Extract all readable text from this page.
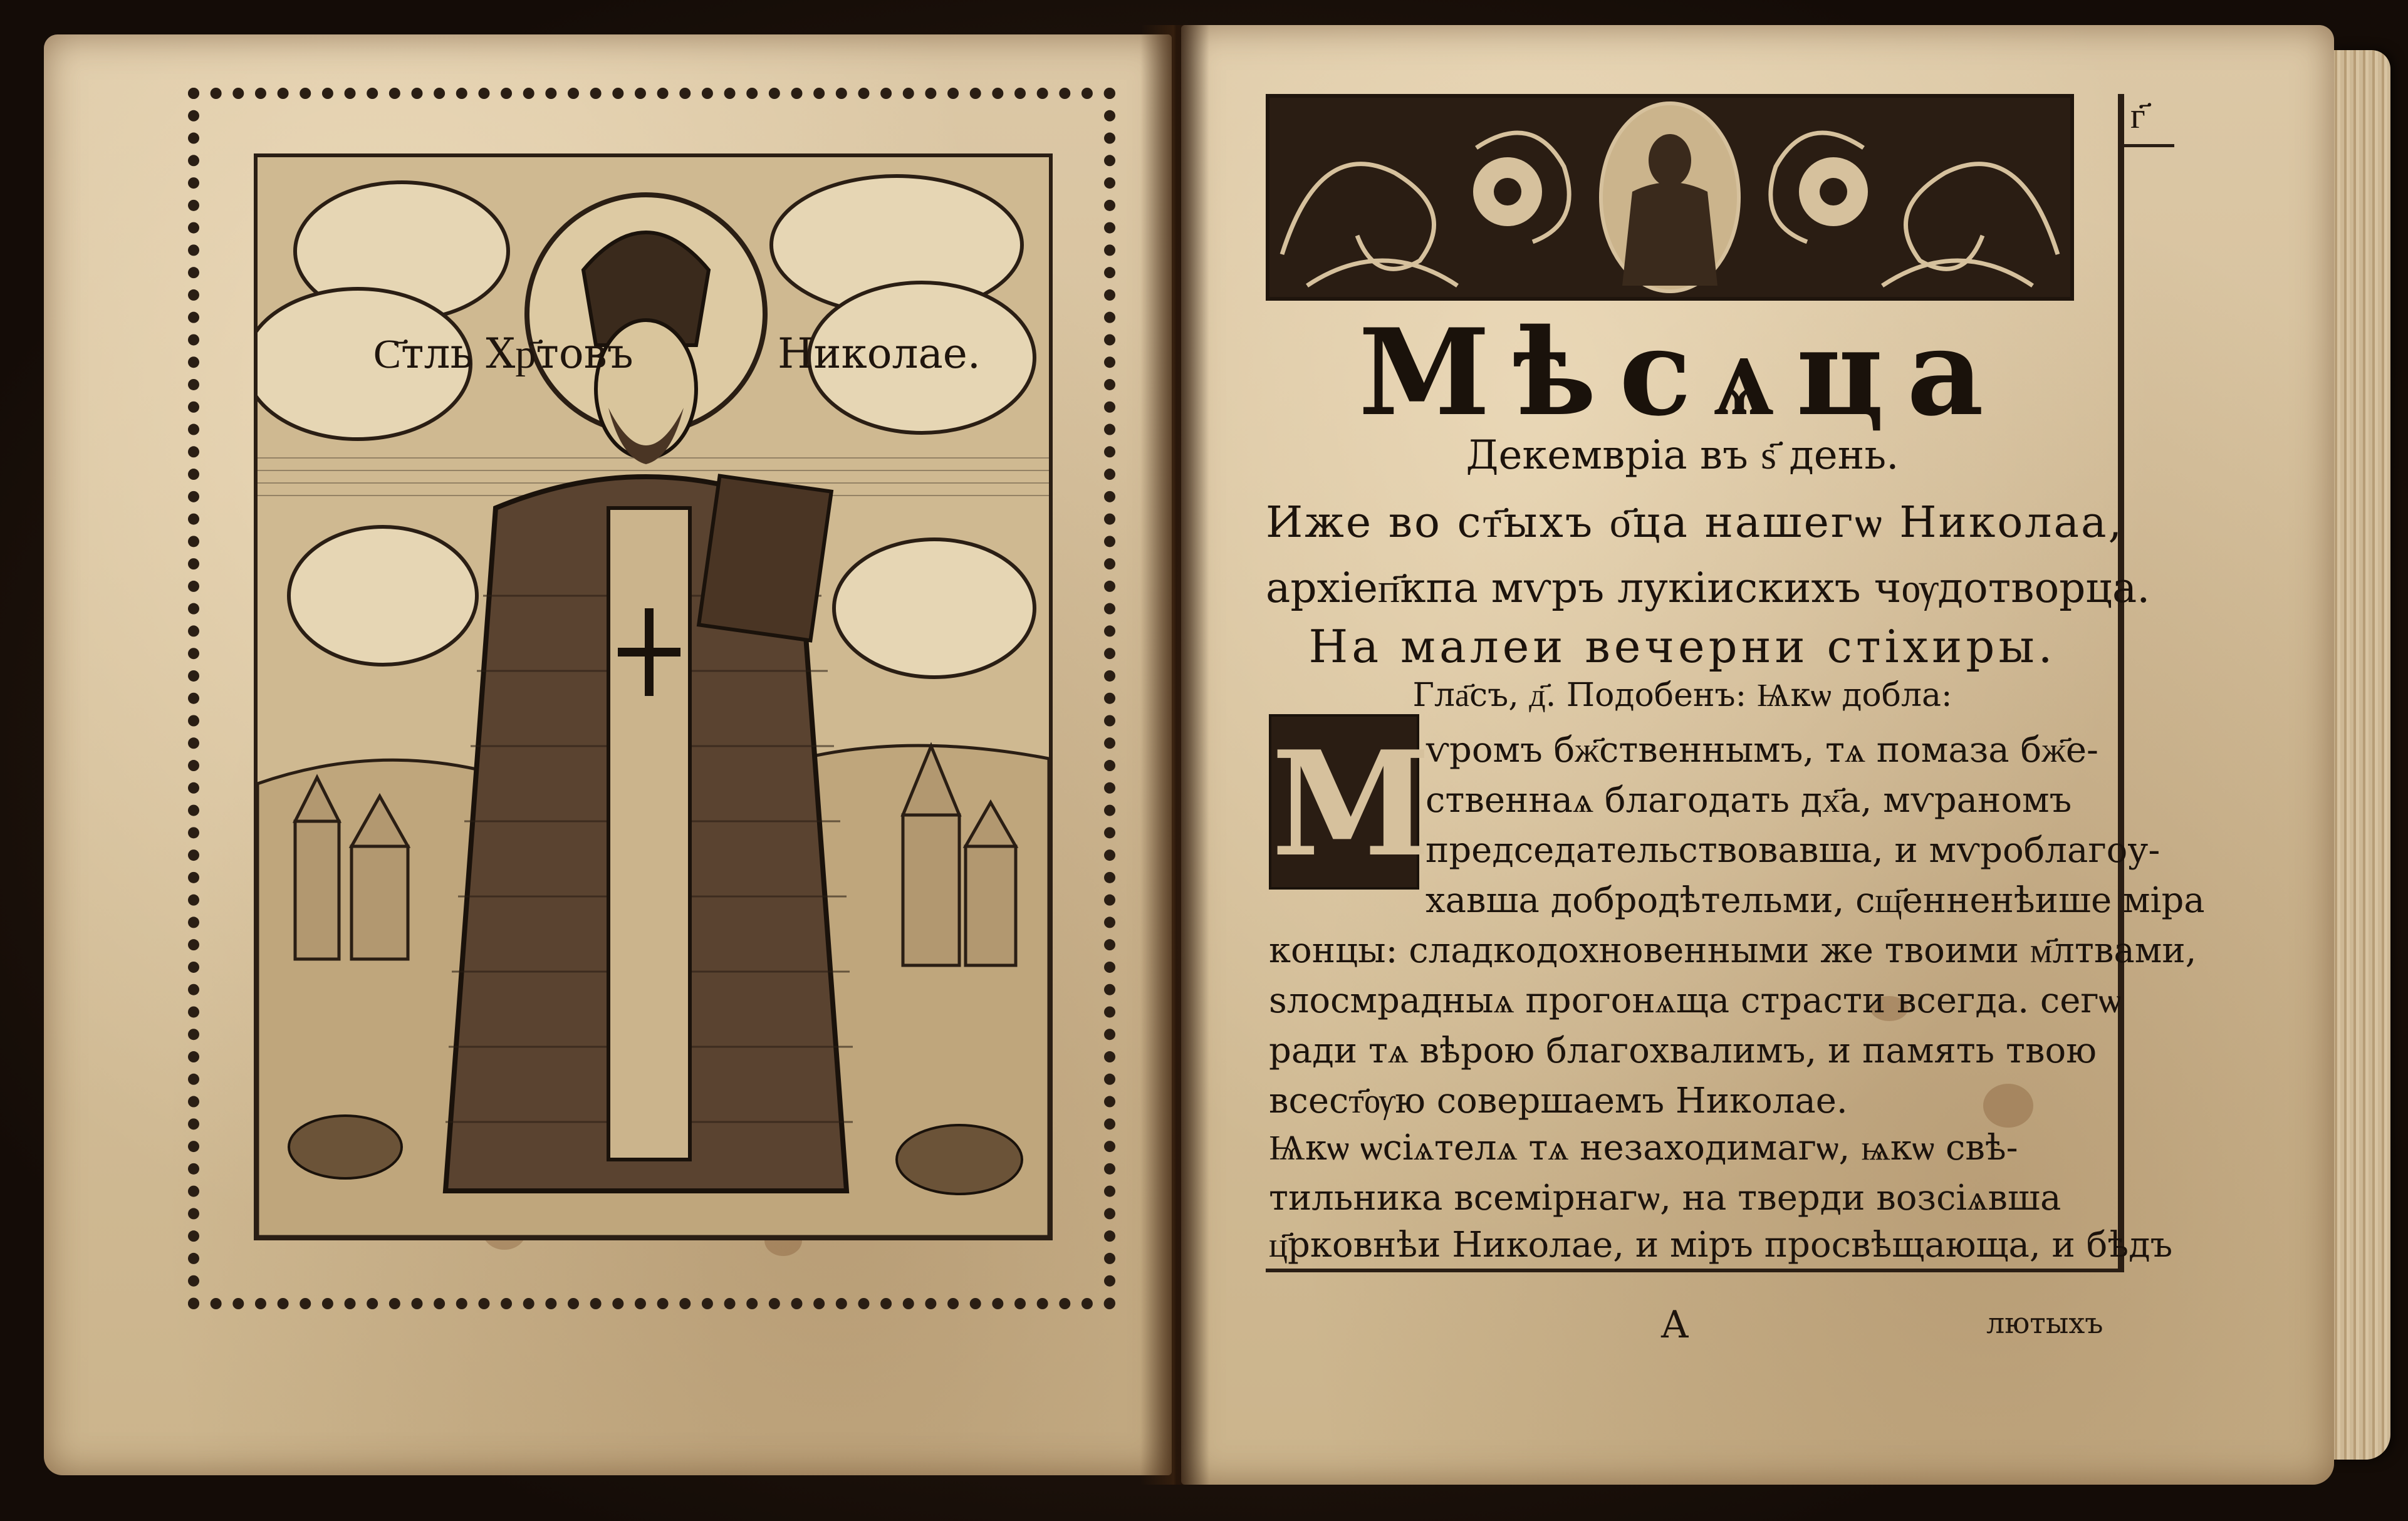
С҃тль Хр҃товъ	Николае.
г҃
Мѣсѧца
Декемвріа въ ѕ҃ день.
Иже во ст҃ыхъ о҃ца нашегѡ Николаа,
архіеп҃кпа мѵръ лукіискихъ чѹдотворца.
На малеи вечерни стіхиры.
Гла҃съ, д҃. Подобенъ: Ѩкѡ добла:
М
ѵромъ бж҃ственнымъ, тѧ помаза бж҃е-
ственнаѧ благодать дх҃а, мѵраномъ
председательствовавша, и мѵроблагоу-
хавша добродѣтельми, сщ҃енненѣише міра
концы: сладкодохновенными же твоими м҃лтвами,
ѕлосмрадныѧ прогонѧща страсти всегда. сегѡ
ради тѧ вѣрою благохвалимъ, и память твою
всест҃ѹю совершаемъ Николае.
Ѩкѡ ѡсіѧтелѧ тѧ незаходимагѡ, ѩкѡ свѣ-
тильника всемірнагѡ, на тверди возсіѧвша
ц҃рковнѣи Николае, и міръ просвѣщающа, и бѣдъ
А	лютыхъ
